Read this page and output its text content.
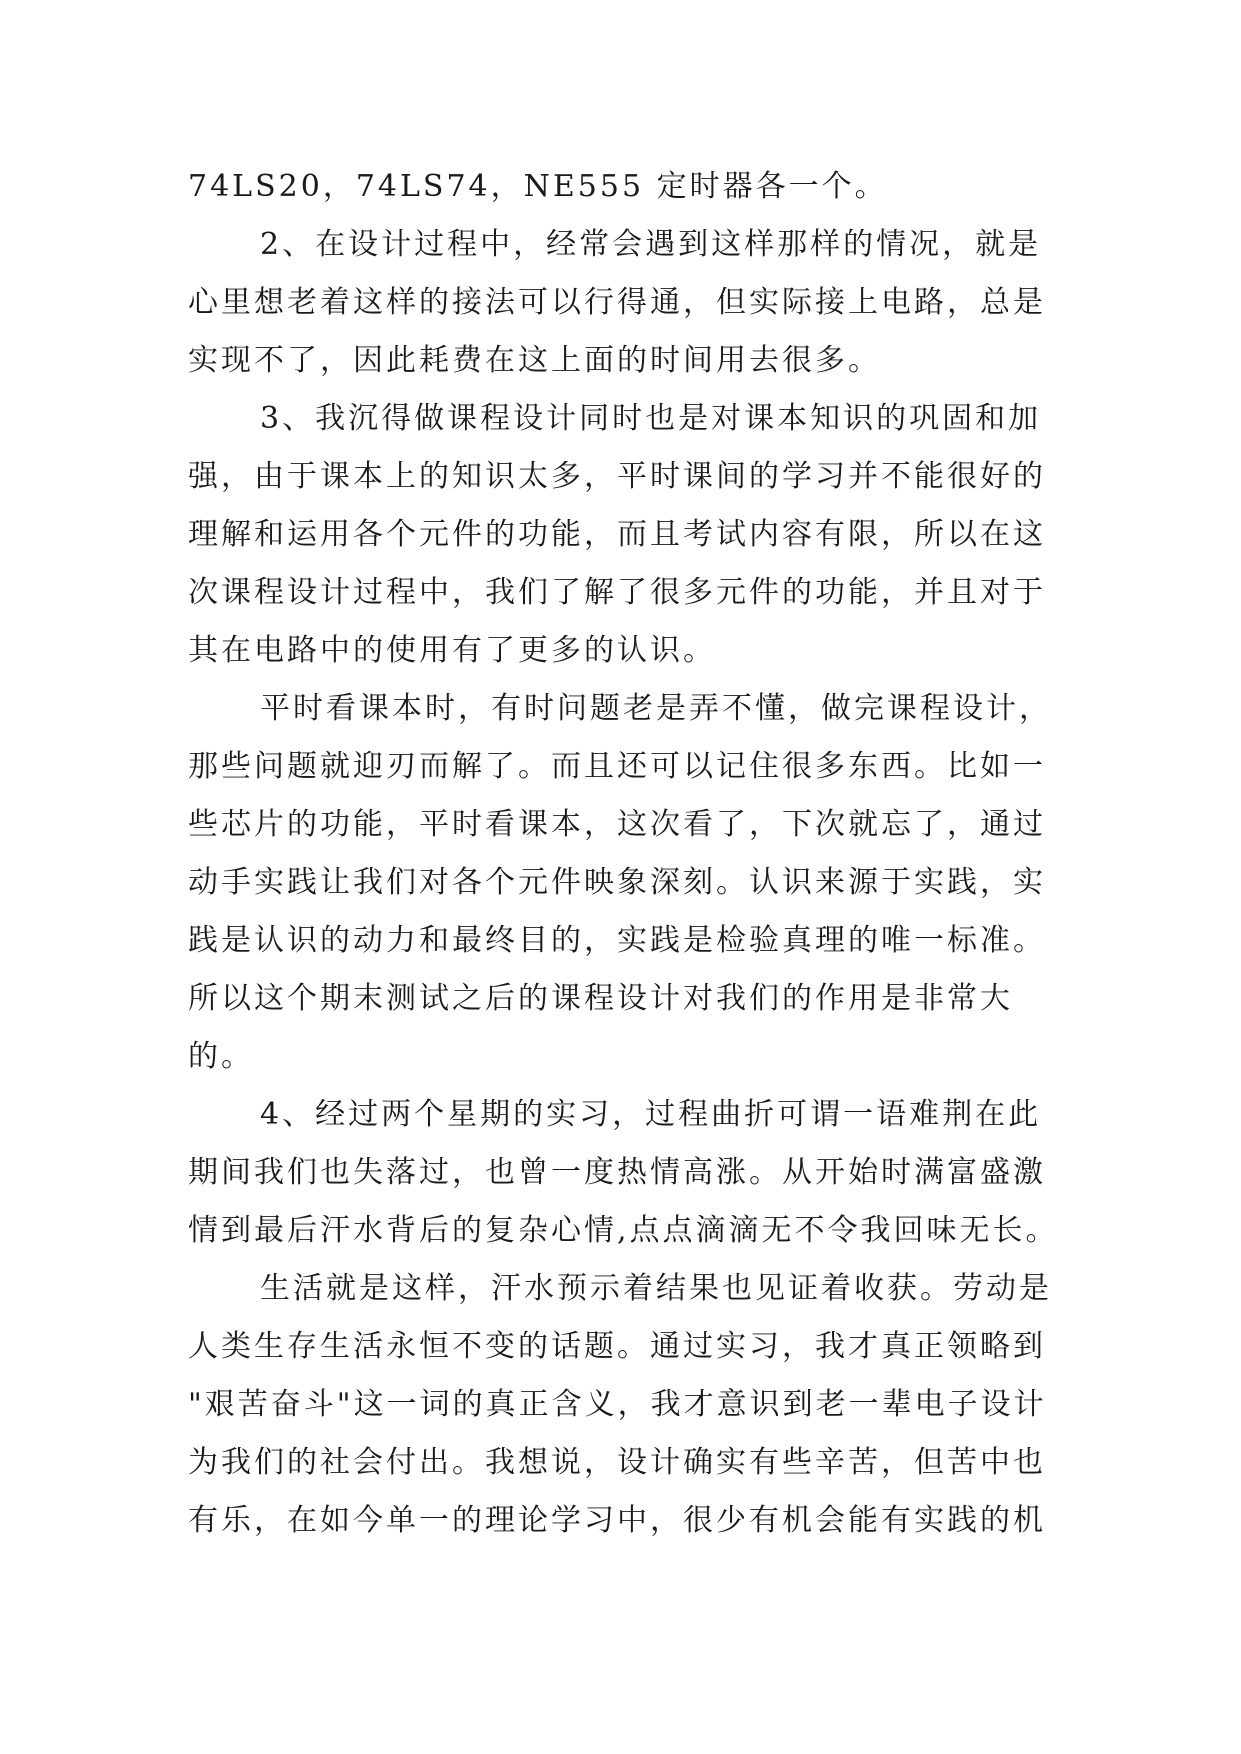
74LS20，74LS74，NE555 定时器各一个。
2、在设计过程中，经常会遇到这样那样的情况，就是
心里想老着这样的接法可以行得通，但实际接上电路，总是
实现不了，因此耗费在这上面的时间用去很多。
3、我沉得做课程设计同时也是对课本知识的巩固和加
强，由于课本上的知识太多，平时课间的学习并不能很好的
理解和运用各个元件的功能，而且考试内容有限，所以在这
次课程设计过程中，我们了解了很多元件的功能，并且对于
其在电路中的使用有了更多的认识。
平时看课本时，有时问题老是弄不懂，做完课程设计，
那些问题就迎刃而解了。而且还可以记住很多东西。比如一
些芯片的功能，平时看课本，这次看了，下次就忘了，通过
动手实践让我们对各个元件映象深刻。认识来源于实践，实
践是认识的动力和最终目的，实践是检验真理的唯一标准。
所以这个期末测试之后的课程设计对我们的作用是非常大
的。
4、经过两个星期的实习，过程曲折可谓一语难荆在此
期间我们也失落过，也曾一度热情高涨。从开始时满富盛激
情到最后汗水背后的复杂心情,点点滴滴无不令我回味无长。
生活就是这样，汗水预示着结果也见证着收获。劳动是
人类生存生活永恒不变的话题。通过实习，我才真正领略到
"艰苦奋斗"这一词的真正含义，我才意识到老一辈电子设计
为我们的社会付出。我想说，设计确实有些辛苦，但苦中也
有乐，在如今单一的理论学习中，很少有机会能有实践的机
